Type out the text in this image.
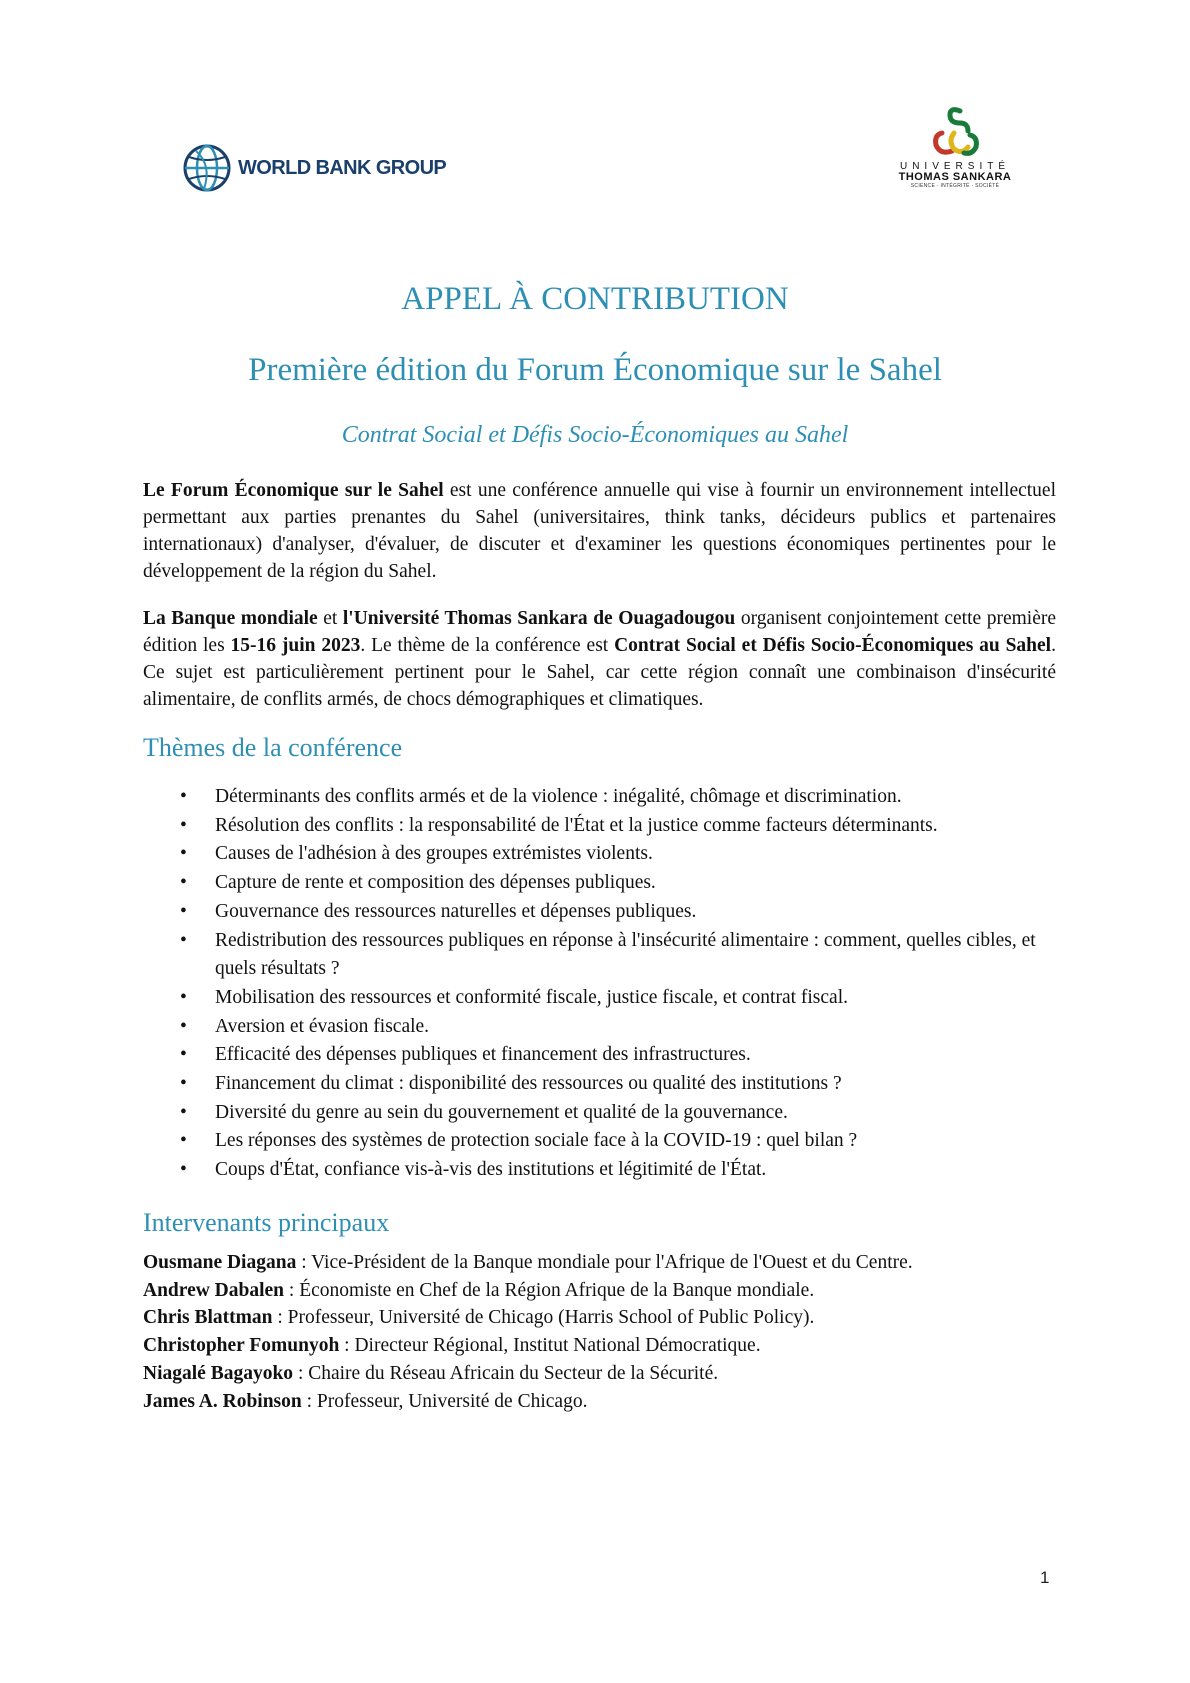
WORLD BANK GROUP	UNIVERSITÉ
THOMAS SANKARA
SCIENCE · INTÉGRITÉ · SOCIÉTÉ
APPEL À CONTRIBUTION
Première édition du Forum Économique sur le Sahel
Contrat Social et Défis Socio-Économiques au Sahel

Le Forum Économique sur le Sahel est une conférence annuelle qui vise à fournir un environnement intellectuel permettant aux parties prenantes du Sahel (universitaires, think tanks, décideurs publics et partenaires internationaux) d'analyser, d'évaluer, de discuter et d'examiner les questions économiques pertinentes pour le développement de la région du Sahel.

La Banque mondiale et l'Université Thomas Sankara de Ouagadougou organisent conjointement cette première édition les 15-16 juin 2023. Le thème de la conférence est Contrat Social et Défis Socio-Économiques au Sahel. Ce sujet est particulièrement pertinent pour le Sahel, car cette région connaît une combinaison d'insécurité alimentaire, de conflits armés, de chocs démographiques et climatiques.

Thèmes de la conférence
• Déterminants des conflits armés et de la violence : inégalité, chômage et discrimination.
• Résolution des conflits : la responsabilité de l'État et la justice comme facteurs déterminants.
• Causes de l'adhésion à des groupes extrémistes violents.
• Capture de rente et composition des dépenses publiques.
• Gouvernance des ressources naturelles et dépenses publiques.
• Redistribution des ressources publiques en réponse à l'insécurité alimentaire : comment, quelles cibles, et quels résultats ?
• Mobilisation des ressources et conformité fiscale, justice fiscale, et contrat fiscal.
• Aversion et évasion fiscale.
• Efficacité des dépenses publiques et financement des infrastructures.
• Financement du climat : disponibilité des ressources ou qualité des institutions ?
• Diversité du genre au sein du gouvernement et qualité de la gouvernance.
• Les réponses des systèmes de protection sociale face à la COVID-19 : quel bilan ?
• Coups d'État, confiance vis-à-vis des institutions et légitimité de l'État.
Intervenants principaux
Ousmane Diagana : Vice-Président de la Banque mondiale pour l'Afrique de l'Ouest et du Centre.
Andrew Dabalen : Économiste en Chef de la Région Afrique de la Banque mondiale.
Chris Blattman : Professeur, Université de Chicago (Harris School of Public Policy).
Christopher Fomunyoh : Directeur Régional, Institut National Démocratique.
Niagalé Bagayoko : Chaire du Réseau Africain du Secteur de la Sécurité.
James A. Robinson : Professeur, Université de Chicago.
1
